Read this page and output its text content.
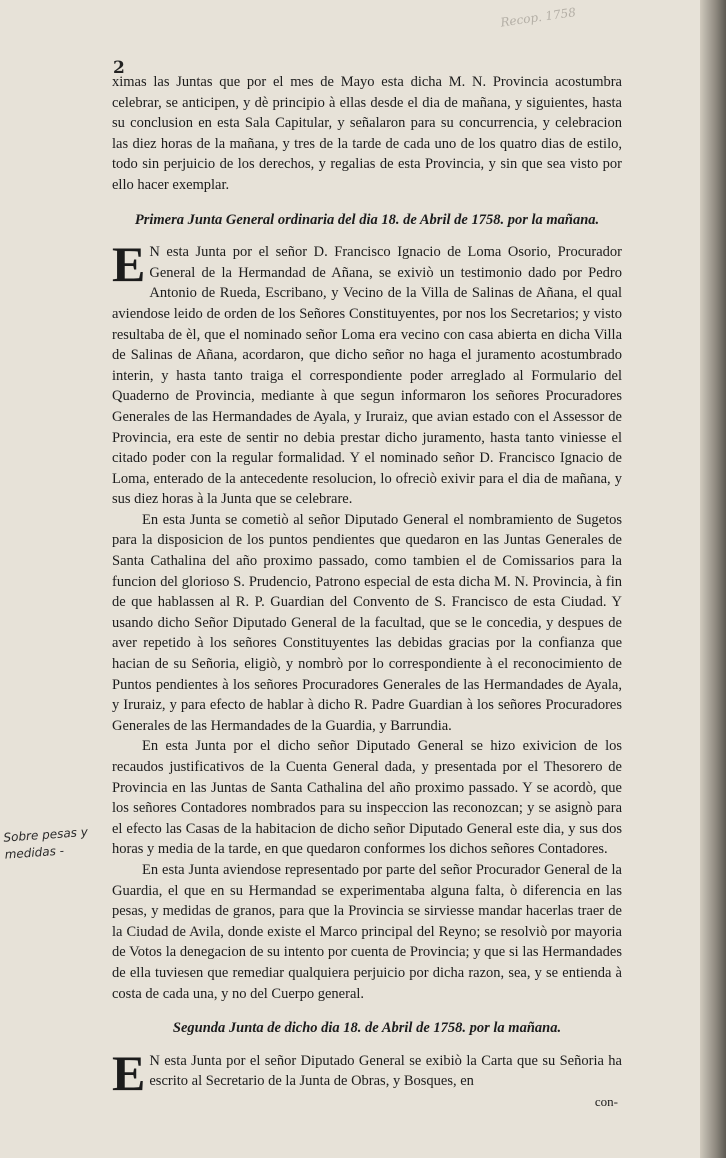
Recop. 1758
2

ximas las Juntas que por el mes de Mayo esta dicha M. N. Provincia acostumbra celebrar, se anticipen, y dè principio à ellas desde el dia de mañana, y siguientes, hasta su conclusion en esta Sala Capitular, y señalaron para su concurrencia, y celebracion las diez horas de la mañana, y tres de la tarde de cada uno de los quatro dias de estilo, todo sin perjuicio de los derechos, y regalias de esta Provincia, y sin que sea visto por ello hacer exemplar.

Primera Junta General ordinaria del dia 18. de Abril de 1758. por la mañana.

E N esta Junta por el señor D. Francisco Ignacio de Loma Osorio, Procurador General de la Hermandad de Añana, se exiviò un testimonio dado por Pedro Antonio de Rueda, Escribano, y Vecino de la Villa de Salinas de Añana, el qual aviendose leido de orden de los Señores Constituyentes, por nos los Secretarios; y visto resultaba de èl, que el nominado señor Loma era vecino con casa abierta en dicha Villa de Salinas de Añana, acordaron, que dicho señor no haga el juramento acostumbrado interin, y hasta tanto traiga el correspondiente poder arreglado al Formulario del Quaderno de Provincia, mediante à que segun informaron los señores Procuradores Generales de las Hermandades de Ayala, y Iruraiz, que avian estado con el Assessor de Provincia, era este de sentir no debia prestar dicho juramento, hasta tanto viniesse el citado poder con la regular formalidad. Y el nominado señor D. Francisco Ignacio de Loma, enterado de la antecedente resolucion, lo ofreciò exivir para el dia de mañana, y sus diez horas à la Junta que se celebrare.

En esta Junta se cometiò al señor Diputado General el nombramiento de Sugetos para la disposicion de los puntos pendientes que quedaron en las Juntas Generales de Santa Cathalina del año proximo passado, como tambien el de Comissarios para la funcion del glorioso S. Prudencio, Patrono especial de esta dicha M. N. Provincia, à fin de que hablassen al R. P. Guardian del Convento de S. Francisco de esta Ciudad. Y usando dicho Señor Diputado General de la facultad, que se le concedia, y despues de aver repetido à los señores Constituyentes las debidas gracias por la confianza que hacian de su Señoria, eligiò, y nombrò por lo correspondiente à el reconocimiento de Puntos pendientes à los señores Procuradores Generales de las Hermandades de Ayala, y Iruraiz, y para efecto de hablar à dicho R. Padre Guardian à los señores Procuradores Generales de las Hermandades de la Guardia, y Barrundia.

En esta Junta por el dicho señor Diputado General se hizo exivicion de los recaudos justificativos de la Cuenta General dada, y presentada por el Thesorero de Provincia en las Juntas de Santa Cathalina del año proximo passado. Y se acordò, que los señores Contadores nombrados para su inspeccion las reconozcan; y se asignò para el efecto las Casas de la habitacion de dicho señor Diputado General este dia, y sus dos horas y media de la tarde, en que quedaron conformes los dichos señores Contadores.

En esta Junta aviendose representado por parte del señor Procurador General de la Guardia, el que en su Hermandad se experimentaba alguna falta, ò diferencia en las pesas, y medidas de granos, para que la Provincia se sirviesse mandar hacerlas traer de la Ciudad de Avila, donde existe el Marco principal del Reyno; se resolviò por mayoria de Votos la denegacion de su intento por cuenta de Provincia; y que si las Hermandades de ella tuviesen que remediar qualquiera perjuicio por dicha razon, sea, y se entienda à costa de cada una, y no del Cuerpo general.

Segunda Junta de dicho dia 18. de Abril de 1758. por la mañana.

E N esta Junta por el señor Diputado General se exibiò la Carta que su Señoria ha escrito al Secretario de la Junta de Obras, y Bosques, en

con-
Sobre pesas y medidas -
